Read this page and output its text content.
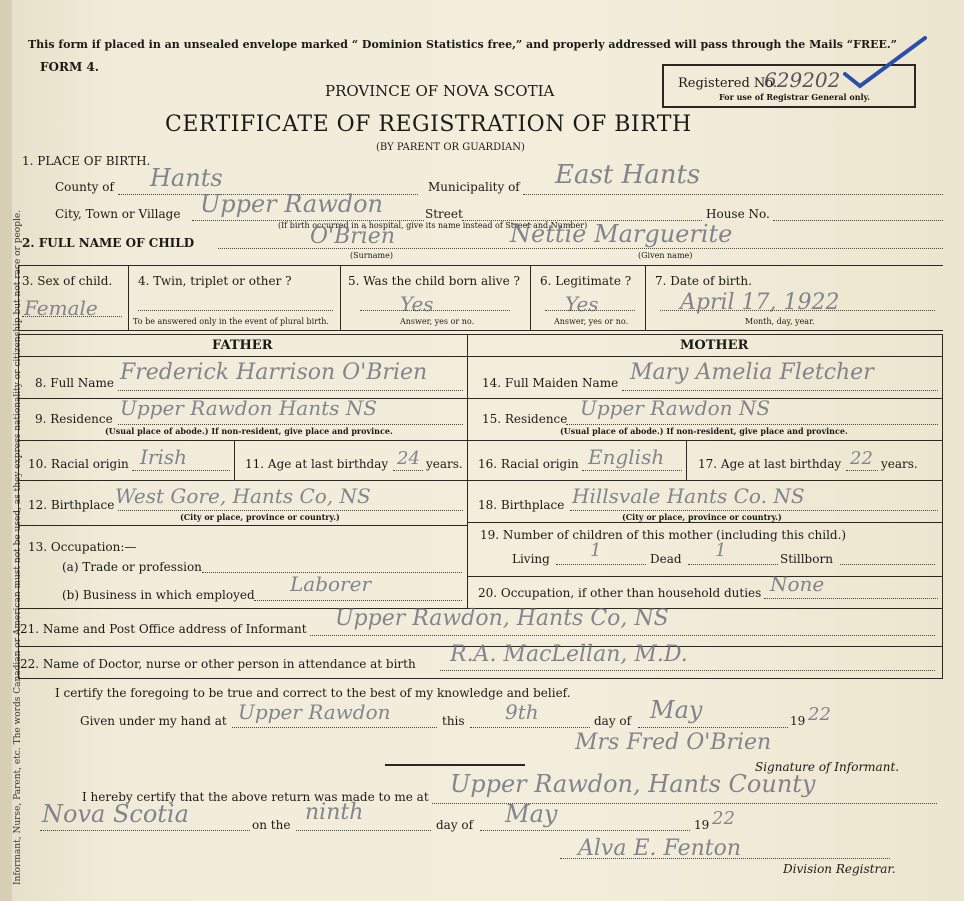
Informant, Nurse, Parent, etc. The words Canadian or American must not be used, as they express nationality or citizenship but not race or people.
This form if placed in an unsealed envelope marked “ Dominion Statistics free,” and properly addressed will pass through the Mails “FREE.”
FORM 4.
PROVINCE OF NOVA SCOTIA	Registered No.
629202
For use of Registrar General only.
CERTIFICATE OF REGISTRATION OF BIRTH
(BY PARENT OR GUARDIAN)
1. PLACE OF BIRTH.
County of Hants	Municipality of East Hants
City, Town or Village Upper Rawdon	Street	House No.
(If birth occurred in a hospital, give its name instead of Street and Number)
2. FULL NAME OF CHILD	O'Brien	Nettie Marguerite
(Surname)	(Given name)
3. Sex of child.
Female
4. Twin, triplet or other ?
To be answered only in the event of plural birth.
5. Was the child born alive ?
Yes
Answer, yes or no.
6. Legitimate ?
Yes
Answer, yes or no.
7. Date of birth.
April 17, 1922
Month, day, year.
FATHER	MOTHER
8. Full Name Frederick Harrison O'Brien
9. Residence Upper Rawdon Hants NS
(Usual place of abode.) If non-resident, give place and province.
10. Racial origin Irish	11. Age at last birthday 24 years.
12. Birthplace West Gore, Hants Co, NS
(City or place, province or country.)
13. Occupation:—
(a) Trade or profession
(b) Business in which employed Laborer
14. Full Maiden Name Mary Amelia Fletcher
15. Residence Upper Rawdon NS
(Usual place of abode.) If non-resident, give place and province.
16. Racial origin English	17. Age at last birthday 22 years.
18. Birthplace Hillsvale Hants Co. NS
(City or place, province or country.)
19. Number of children of this mother (including this child.)
Living 1	Dead 1	Stillborn
20. Occupation, if other than household duties None
21. Name and Post Office address of Informant Upper Rawdon, Hants Co, NS
22. Name of Doctor, nurse or other person in attendance at birth R.A. MacLellan, M.D.
I certify the foregoing to be true and correct to the best of my knowledge and belief.
Given under my hand at Upper Rawdon	this 9th	day of May	19 22
Mrs Fred O'Brien
Signature of Informant.
I hereby certify that the above return was made to me at Upper Rawdon, Hants County
Nova Scotia	on the ninth	day of May	19 22
Alva E. Fenton
Division Registrar.
